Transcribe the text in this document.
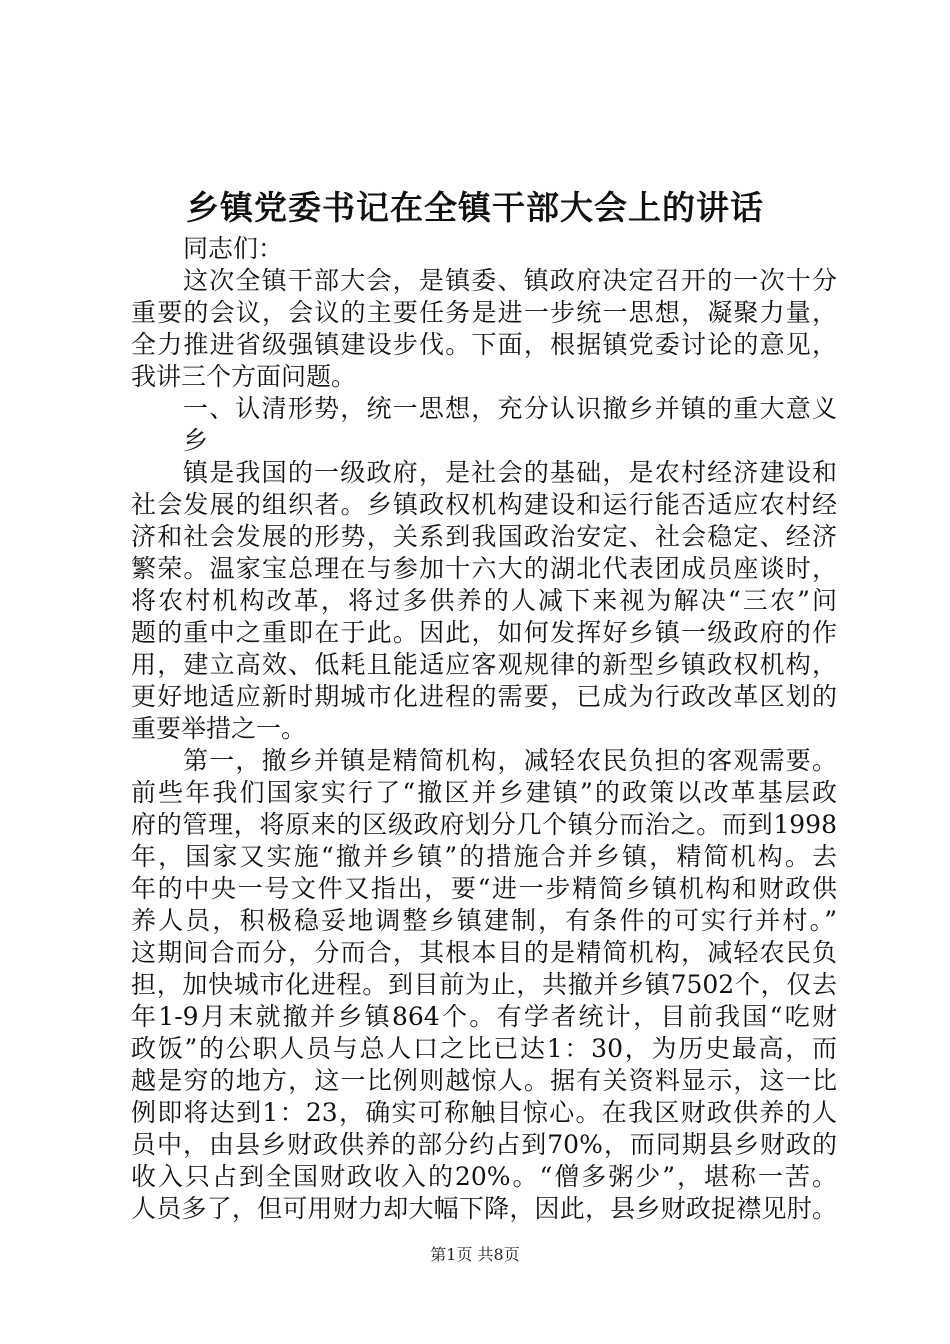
乡镇党委书记在全镇干部大会上的讲话
同志们：
这次全镇干部大会，是镇委、镇政府决定召开的一次十分
重要的会议，会议的主要任务是进一步统一思想，凝聚力量，
全力推进省级强镇建设步伐。下面，根据镇党委讨论的意见，
我讲三个方面问题。
一、认清形势，统一思想，充分认识撤乡并镇的重大意义
乡
镇是我国的一级政府，是社会的基础，是农村经济建设和
社会发展的组织者。乡镇政权机构建设和运行能否适应农村经
济和社会发展的形势，关系到我国政治安定、社会稳定、经济
繁荣。温家宝总理在与参加十六大的湖北代表团成员座谈时，
将农村机构改革，将过多供养的人减下来视为解决“三农”问
题的重中之重即在于此。因此，如何发挥好乡镇一级政府的作
用，建立高效、低耗且能适应客观规律的新型乡镇政权机构，
更好地适应新时期城市化进程的需要，已成为行政改革区划的
重要举措之一。
第一，撤乡并镇是精简机构，减轻农民负担的客观需要。
前些年我们国家实行了“撤区并乡建镇”的政策以改革基层政
府的管理，将原来的区级政府划分几个镇分而治之。而到1998
年，国家又实施“撤并乡镇”的措施合并乡镇，精简机构。去
年的中央一号文件又指出，要“进一步精简乡镇机构和财政供
养人员，积极稳妥地调整乡镇建制，有条件的可实行并村。”
这期间合而分，分而合，其根本目的是精简机构，减轻农民负
担，加快城市化进程。到目前为止，共撤并乡镇7502个，仅去
年1-9月末就撤并乡镇864个。有学者统计，目前我国“吃财
政饭”的公职人员与总人口之比已达1：30，为历史最高，而
越是穷的地方，这一比例则越惊人。据有关资料显示，这一比
例即将达到1：23，确实可称触目惊心。在我区财政供养的人
员中，由县乡财政供养的部分约占到70%，而同期县乡财政的
收入只占到全国财政收入的20%。“僧多粥少”，堪称一苦。
人员多了，但可用财力却大幅下降，因此，县乡财政捉襟见肘。
第1页 共8页
